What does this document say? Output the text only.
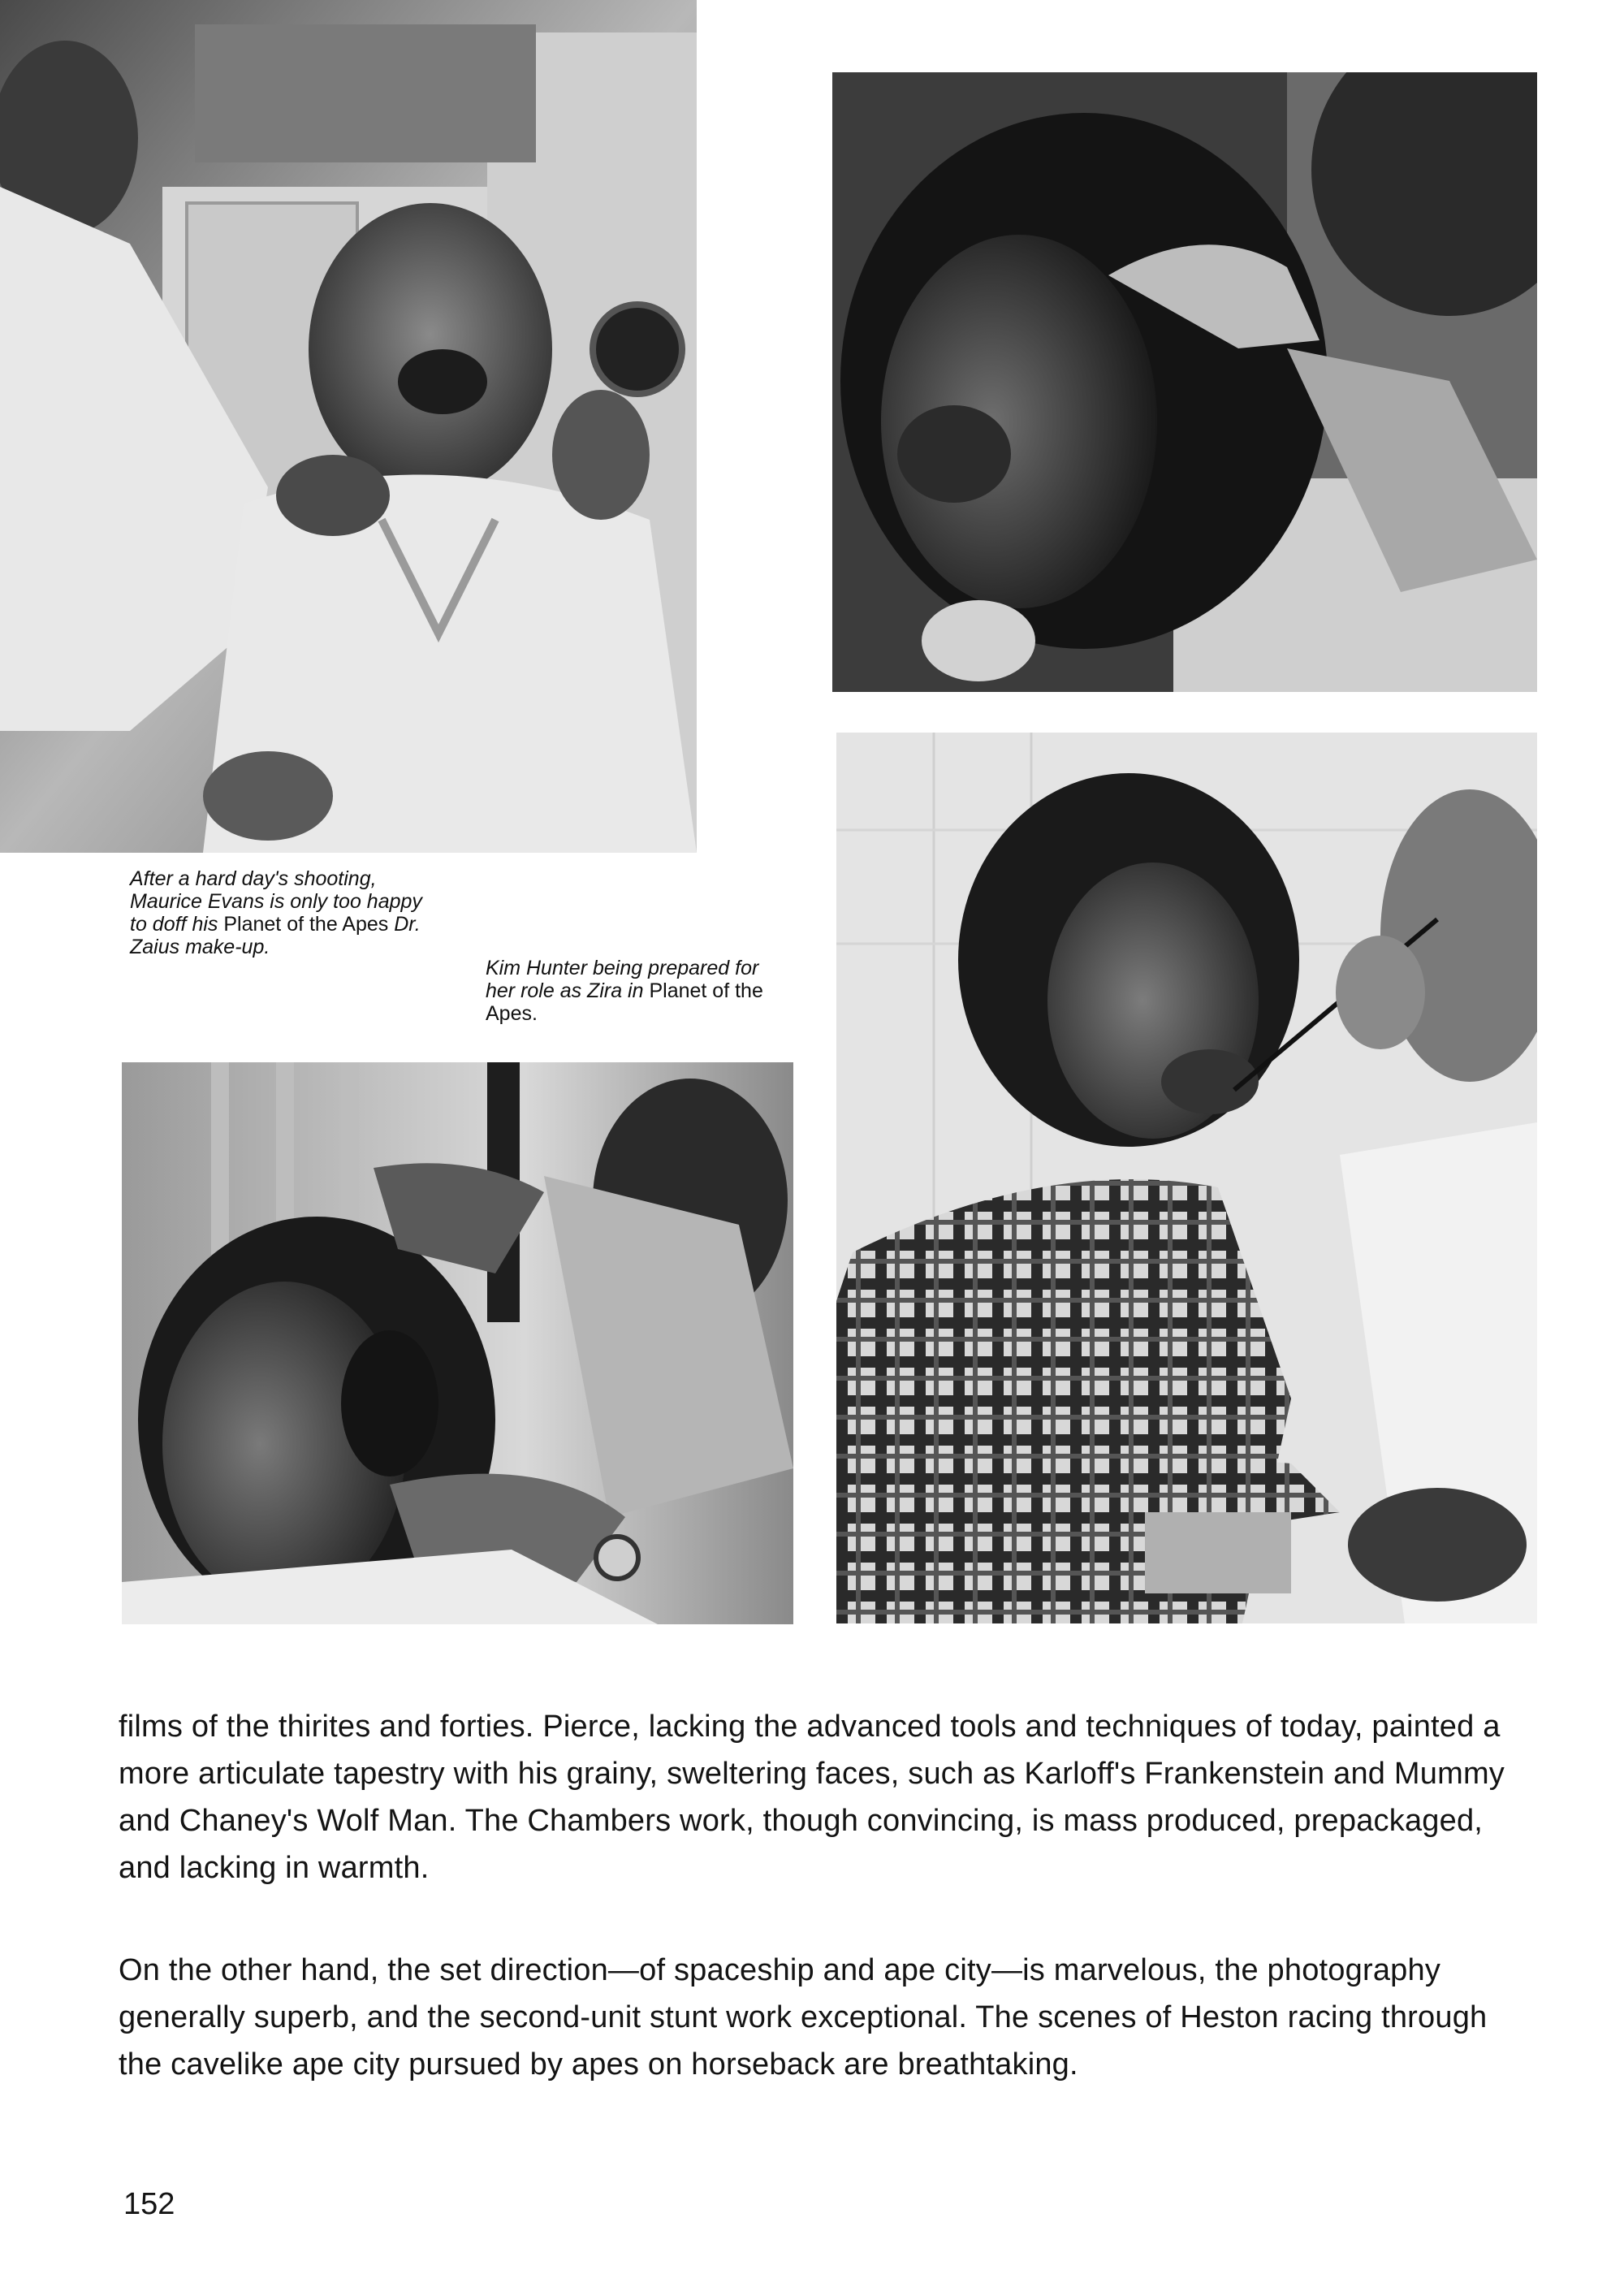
After a hard day's shooting,
Maurice Evans is only too happy
to doff his Planet of the Apes Dr.
Zaius make-up.
Kim Hunter being prepared for
her role as Zira in Planet of the
Apes.

films of the thirites and forties. Pierce, lacking the advanced tools and techniques of today, painted a more articulate tapestry with his grainy, sweltering faces, such as Karloff's Frankenstein and Mummy and Chaney's Wolf Man. The Chambers work, though convincing, is mass produced, prepackaged, and lacking in warmth.

On the other hand, the set direction—of spaceship and ape city—is marvelous, the photography generally superb, and the second-unit stunt work exceptional. The scenes of Heston racing through the cavelike ape city pursued by apes on horseback are breathtaking.

152
